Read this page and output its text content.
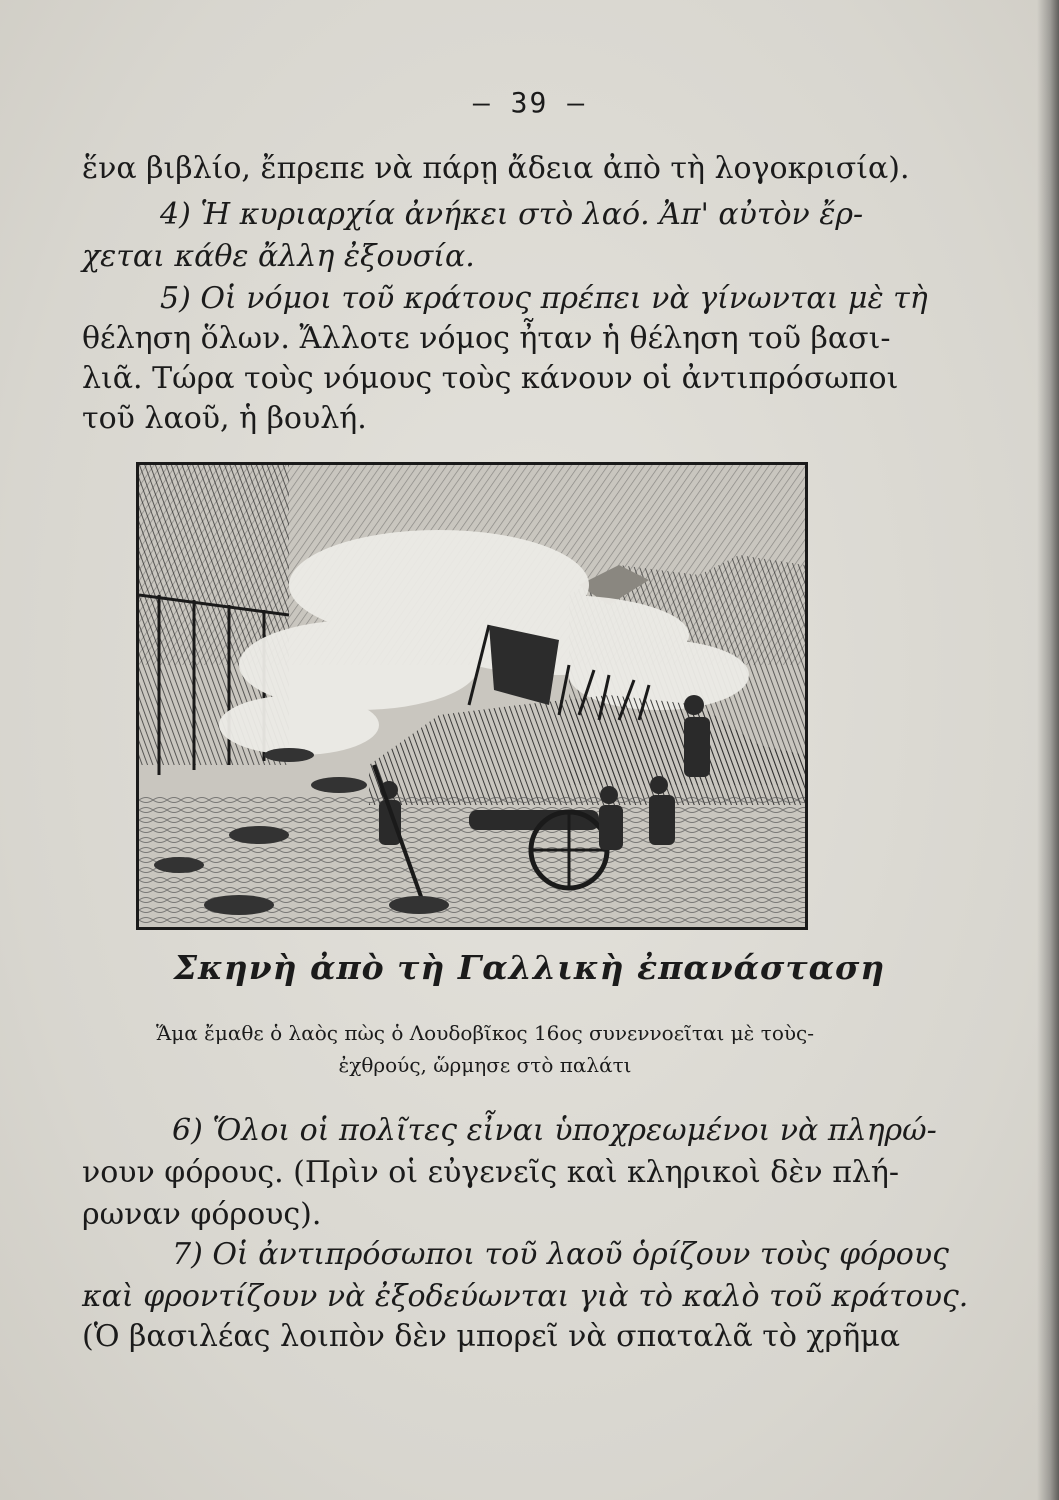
— 39 —
ἕνα βιβλίο, ἔπρεπε νὰ πάρῃ ἄδεια ἀπὸ τὴ λογοκρισία).
4) Ἡ κυριαρχία ἀνήκει στὸ λαό. Ἀπ' αὐτὸν ἔρ-
χεται κάθε ἄλλη ἐξουσία.
5) Οἱ νόμοι τοῦ κράτους πρέπει νὰ γίνωνται μὲ τὴ
θέληση ὅλων. Ἄλλοτε νόμος ἦταν ἡ θέληση τοῦ βασι-
λιᾶ. Τώρα τοὺς νόμους τοὺς κάνουν οἱ ἀντιπρόσωποι
τοῦ λαοῦ, ἡ βουλή.
Σκηνὴ ἀπὸ τὴ Γαλλικὴ ἐπανάσταση
Ἅμα ἔμαθε ὁ λαὸς πὼς ὁ Λουδοβῖκος 16ος συνεννοεῖται μὲ τοὺς-
ἐχθρούς, ὥρμησε στὸ παλάτι
6) Ὅλοι οἱ πολῖτες εἶναι ὑποχρεωμένοι νὰ πληρώ-
νουν φόρους. (Πρὶν οἱ εὐγενεῖς καὶ κληρικοὶ δὲν πλή-
ρωναν φόρους).
7) Οἱ ἀντιπρόσωποι τοῦ λαοῦ ὁρίζουν τοὺς φόρους
καὶ φροντίζουν νὰ ἐξοδεύωνται γιὰ τὸ καλὸ τοῦ κράτους.
(Ὁ βασιλέας λοιπὸν δὲν μπορεῖ νὰ σπαταλᾶ τὸ χρῆμα
